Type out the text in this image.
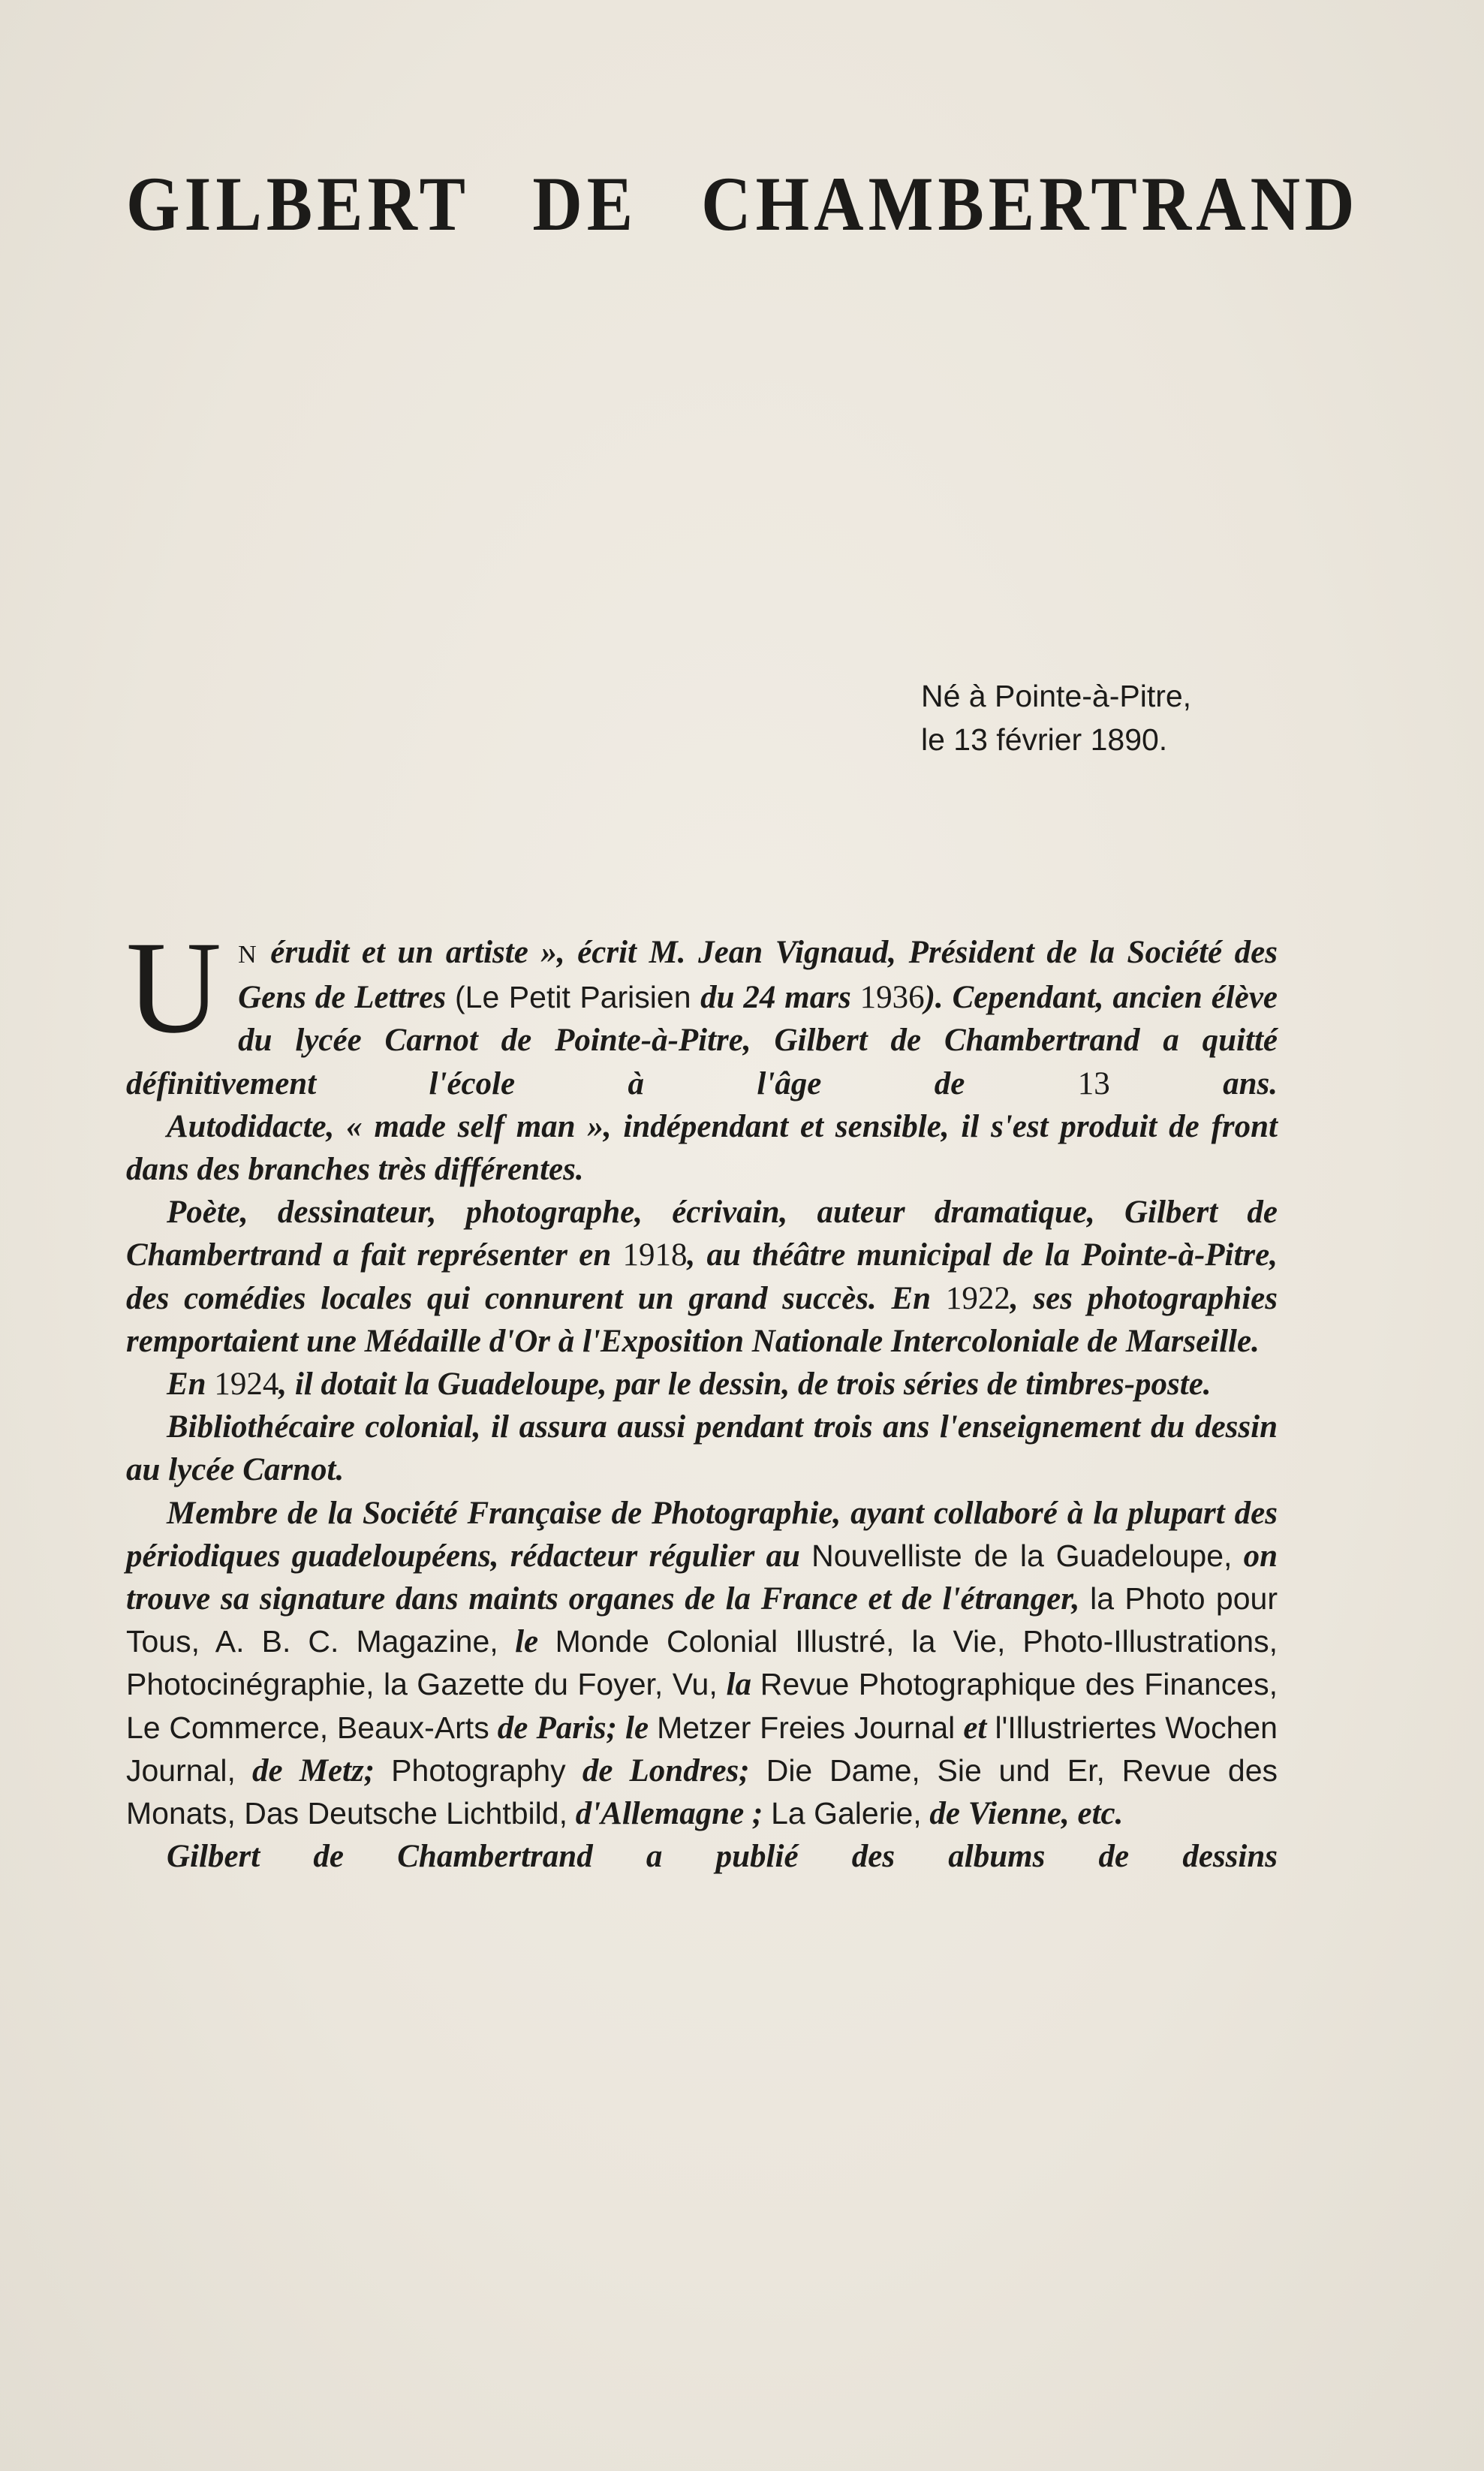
GILBERT DE CHAMBERTRAND
Né à Pointe-à-Pitre,
le 13 février 1890.

U N érudit et un artiste », écrit M. Jean Vignaud, Président de la Société des Gens de Lettres (Le Petit Parisien du 24 mars 1936). Cependant, ancien élève du lycée Carnot de Pointe-à-Pitre, Gilbert de Chambertrand a quitté définitivement l'école à l'âge de 13 ans.

Autodidacte, « made self man », indépendant et sensible, il s'est produit de front dans des branches très différentes.

Poète, dessinateur, photographe, écrivain, auteur dramatique, Gilbert de Chambertrand a fait représenter en 1918, au théâtre municipal de la Pointe-à-Pitre, des comédies locales qui connurent un grand succès. En 1922, ses photographies remportaient une Médaille d'Or à l'Exposition Nationale Intercoloniale de Marseille.

En 1924, il dotait la Guadeloupe, par le dessin, de trois séries de timbres-poste.

Bibliothécaire colonial, il assura aussi pendant trois ans l'enseignement du dessin au lycée Carnot.

Membre de la Société Française de Photographie, ayant collaboré à la plupart des périodiques guadeloupéens, rédacteur régulier au Nouvelliste de la Guadeloupe, on trouve sa signature dans maints organes de la France et de l'étranger, la Photo pour Tous, A. B. C. Magazine, le Monde Colonial Illustré, la Vie, Photo-Illustrations, Photocinégraphie, la Gazette du Foyer, Vu, la Revue Photographique des Finances, Le Commerce, Beaux-Arts de Paris; le Metzer Freies Journal et l'Illustriertes Wochen Journal, de Metz; Photography de Londres; Die Dame, Sie und Er, Revue des Monats, Das Deutsche Lichtbild, d'Allemagne ; La Galerie, de Vienne, etc.

Gilbert de Chambertrand a publié des albums de dessins
